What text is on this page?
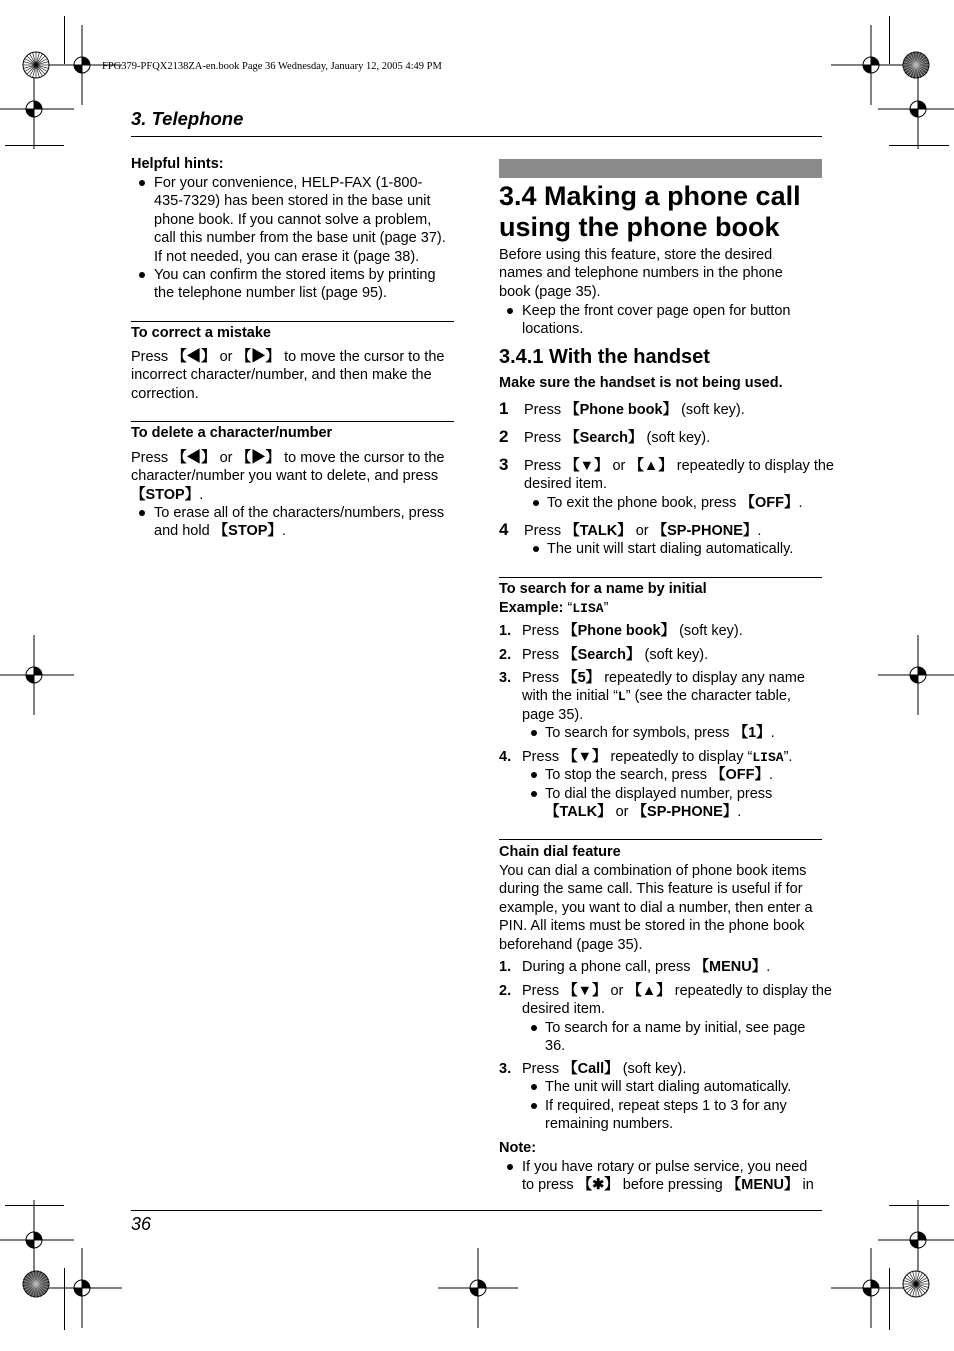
FPG379-PFQX2138ZA-en.book Page 36 Wednesday, January 12, 2005 4:49 PM
3. Telephone
Helpful hints:
For your convenience, HELP-FAX (1-800-
435-7329) has been stored in the base unit
phone book. If you cannot solve a problem,
call this number from the base unit (page 37).
If not needed, you can erase it (page 38).
You can confirm the stored items by printing
the telephone number list (page 95).
To correct a mistake
Press 【◀】 or 【▶】 to move the cursor to the
incorrect character/number, and then make the
correction.
To delete a character/number
Press 【◀】 or 【▶】 to move the cursor to the
character/number you want to delete, and press
【STOP】.
To erase all of the characters/numbers, press
and hold 【STOP】.
3.4 Making a phone call
using the phone book
Before using this feature, store the desired
names and telephone numbers in the phone
book (page 35).
Keep the front cover page open for button
locations.
3.4.1 With the handset
Make sure the handset is not being used.
1 Press 【Phone book】 (soft key).
2 Press 【Search】 (soft key).
3 Press 【▼】 or 【▲】 repeatedly to display the
desired item.
To exit the phone book, press 【OFF】.
4 Press 【TALK】 or 【SP-PHONE】.
The unit will start dialing automatically.
To search for a name by initial
Example: “LISA”
1. Press 【Phone book】 (soft key).
2. Press 【Search】 (soft key).
3. Press 【5】 repeatedly to display any name
with the initial “L” (see the character table,
page 35).
To search for symbols, press 【1】.
4. Press 【▼】 repeatedly to display “LISA”.
To stop the search, press 【OFF】.
To dial the displayed number, press
【TALK】 or 【SP-PHONE】.
Chain dial feature
You can dial a combination of phone book items
during the same call. This feature is useful if for
example, you want to dial a number, then enter a
PIN. All items must be stored in the phone book
beforehand (page 35).
1. During a phone call, press 【MENU】.
2. Press 【▼】 or 【▲】 repeatedly to display the
desired item.
To search for a name by initial, see page
36.
3. Press 【Call】 (soft key).
The unit will start dialing automatically.
If required, repeat steps 1 to 3 for any
remaining numbers.
Note:
If you have rotary or pulse service, you need
to press 【✱】 before pressing 【MENU】 in
36
